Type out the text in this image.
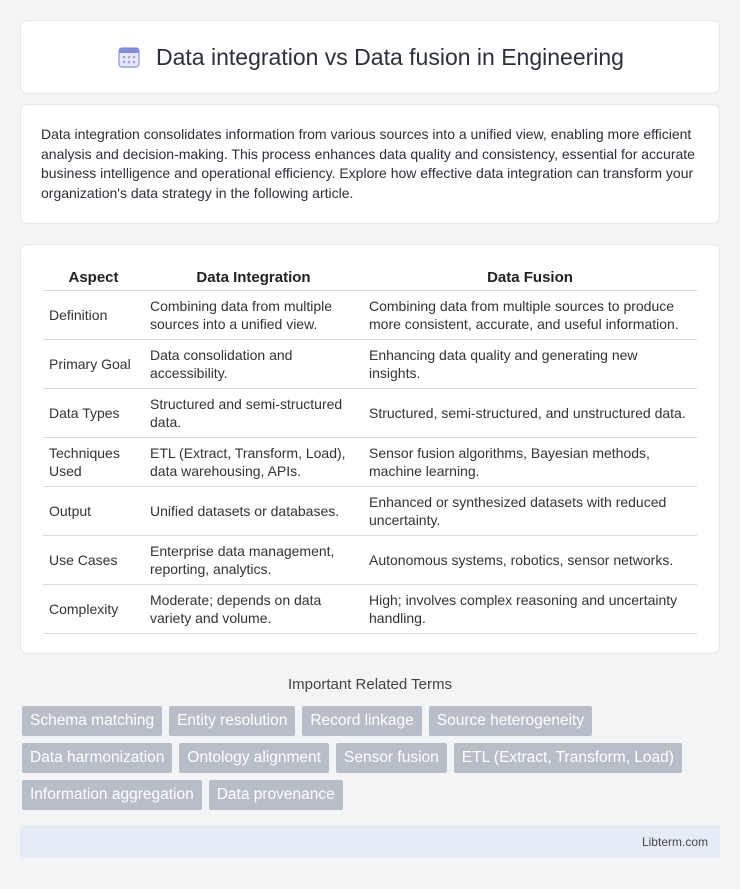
Data integration vs Data fusion in Engineering

Data integration consolidates information from various sources into a unified view, enabling more efficient analysis and decision-making. This process enhances data quality and consistency, essential for accurate business intelligence and operational efficiency. Explore how effective data integration can transform your organization's data strategy in the following article.

Aspect	Data Integration	Data Fusion
Definition	Combining data from multiple sources into a unified view.	Combining data from multiple sources to produce more consistent, accurate, and useful information.
Primary Goal	Data consolidation and accessibility.	Enhancing data quality and generating new insights.
Data Types	Structured and semi-structured data.	Structured, semi-structured, and unstructured data.
Techniques Used	ETL (Extract, Transform, Load), data warehousing, APIs.	Sensor fusion algorithms, Bayesian methods, machine learning.
Output	Unified datasets or databases.	Enhanced or synthesized datasets with reduced uncertainty.
Use Cases	Enterprise data management, reporting, analytics.	Autonomous systems, robotics, sensor networks.
Complexity	Moderate; depends on data variety and volume.	High; involves complex reasoning and uncertainty handling.
Important Related Terms
Schema matching	Entity resolution	Record linkage	Source heterogeneity
Data harmonization	Ontology alignment	Sensor fusion	ETL (Extract, Transform, Load)
Information aggregation	Data provenance
Libterm.com
